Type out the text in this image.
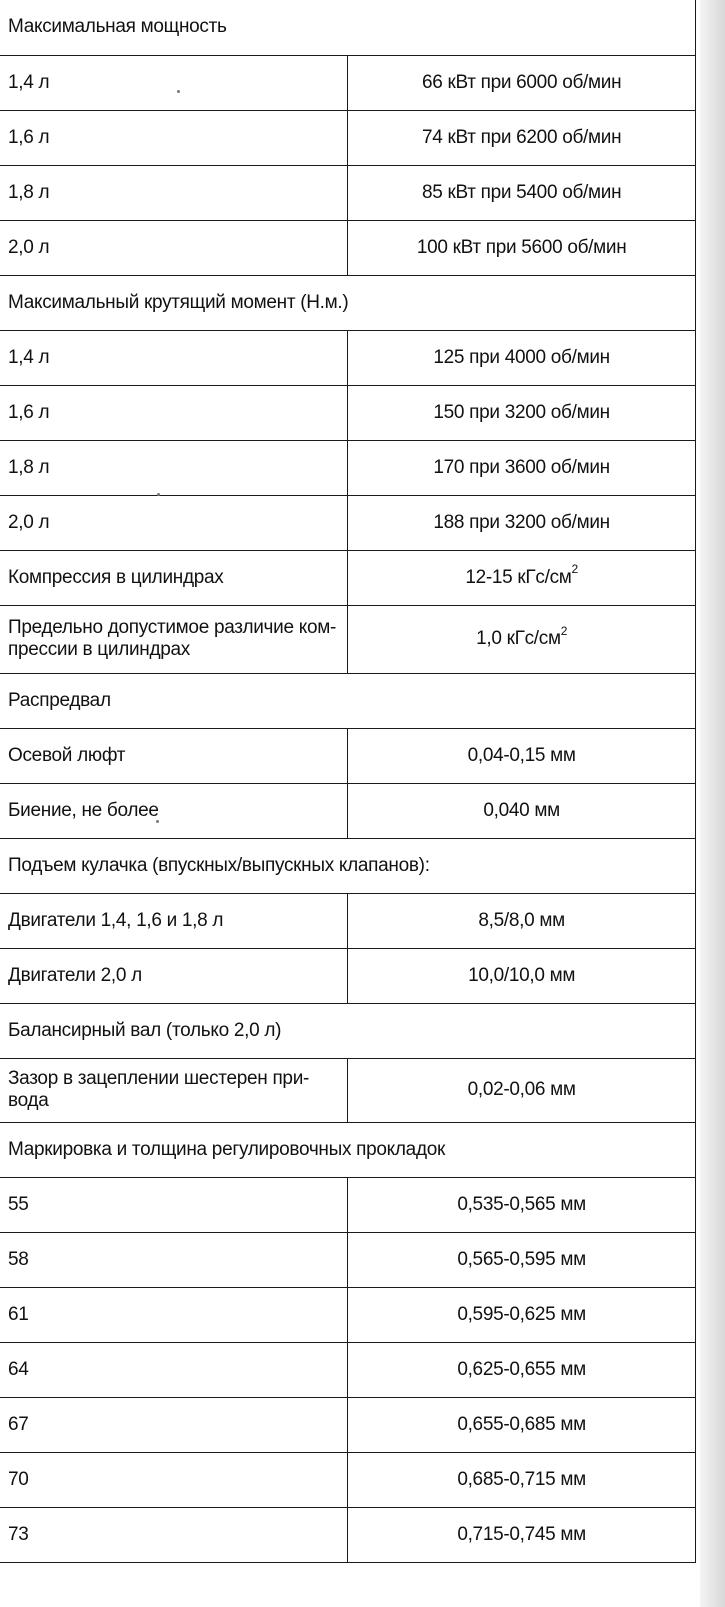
Максимальная мощность	
1,4 л	66 кВт при 6000 об/мин
1,6 л	74 кВт при 6200 об/мин
1,8 л	85 кВт при 5400 об/мин
2,0 л	100 кВт при 5600 об/мин
Максимальный крутящий момент (Н.м.)	
1,4 л	125 при 4000 об/мин
1,6 л	150 при 3200 об/мин
1,8 л	170 при 3600 об/мин
2,0 л	188 при 3200 об/мин
Компрессия в цилиндрах	12-15 кГс/$см^2$
Предельно допустимое различие ком-
прессии в цилиндрах	1,0 кГс/$см^2$
Распредвал	
Осевой люфт	0,04-0,15 мм
Биение, не более	0,040 мм
Подъем кулачка (впускных/выпускных клапанов):	
Двигатели 1,4, 1,6 и 1,8 л	8,5/8,0 мм
Двигатели 2,0 л	10,0/10,0 мм
Балансирный вал (только 2,0 л)	
Зазор в зацеплении шестерен при-
вода	0,02-0,06 мм
Маркировка и толщина регулировочных прокладок	
55	0,535-0,565 мм
58	0,565-0,595 мм
61	0,595-0,625 мм
64	0,625-0,655 мм
67	0,655-0,685 мм
70	0,685-0,715 мм
73	0,715-0,745 мм
